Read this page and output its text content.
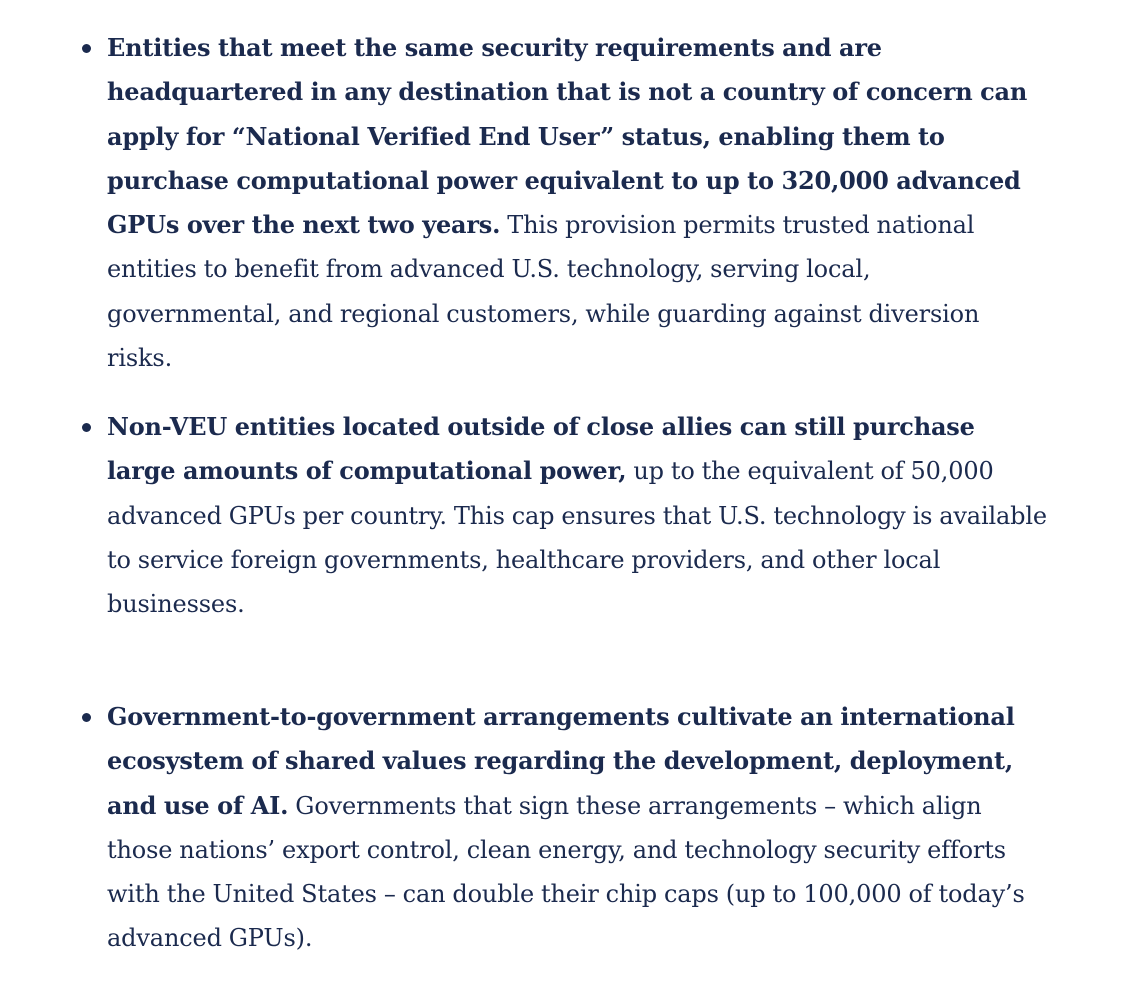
Entities that meet the same security requirements and are headquartered in any destination that is not a country of concern can apply for “National Verified End User” status, enabling them to purchase computational power equivalent to up to 320,000 advanced GPUs over the next two years. This provision permits trusted national entities to benefit from advanced U.S. technology, serving local, governmental, and regional customers, while guarding against diversion risks.
Non-VEU entities located outside of close allies can still purchase large amounts of computational power, up to the equivalent of 50,000 advanced GPUs per country. This cap ensures that U.S. technology is available to service foreign governments, healthcare providers, and other local businesses.
Government-to-government arrangements cultivate an international ecosystem of shared values regarding the development, deployment, and use of AI. Governments that sign these arrangements – which align those nations’ export control, clean energy, and technology security efforts with the United States – can double their chip caps (up to 100,000 of today’s advanced GPUs).
